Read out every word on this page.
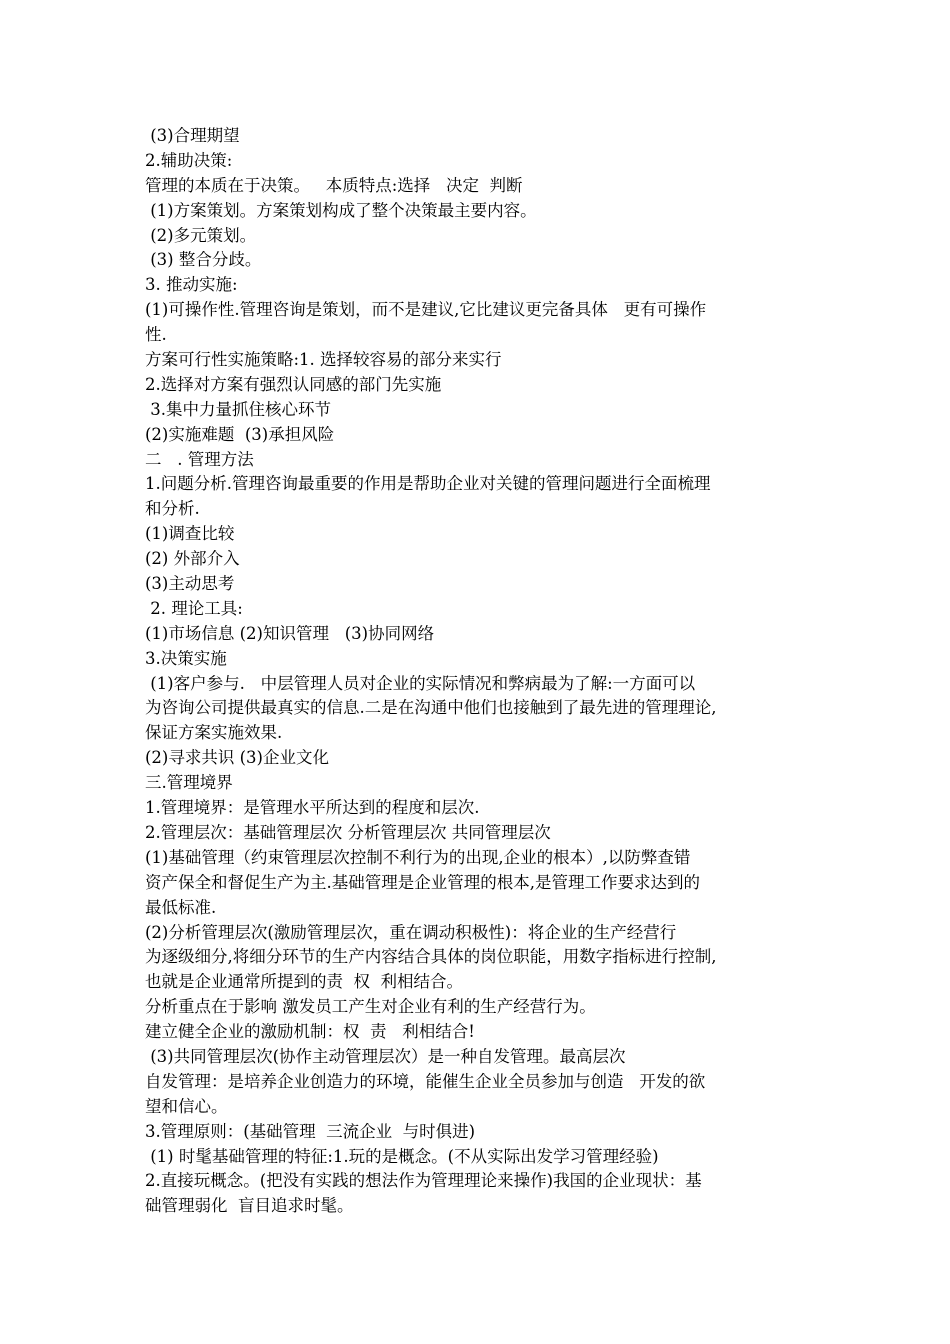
(3)合理期望
2.辅助决策:
管理的本质在于决策。   本质特点:选择   决定  判断
(1)方案策划。方案策划构成了整个决策最主要内容。
(2)多元策划。
(3) 整合分歧。
3. 推动实施:
(1)可操作性.管理咨询是策划，而不是建议,它比建议更完备具体   更有可操作
性.
方案可行性实施策略:1. 选择较容易的部分来实行
2.选择对方案有强烈认同感的部门先实施
3.集中力量抓住核心环节
(2)实施难题  (3)承担风险
二   . 管理方法
1.问题分析.管理咨询最重要的作用是帮助企业对关键的管理问题进行全面梳理
和分析.
(1)调查比较
(2) 外部介入
(3)主动思考
2. 理论工具:
(1)市场信息 (2)知识管理   (3)协同网络
3.决策实施
(1)客户参与.   中层管理人员对企业的实际情况和弊病最为了解:一方面可以
为咨询公司提供最真实的信息.二是在沟通中他们也接触到了最先进的管理理论,
保证方案实施效果.
(2)寻求共识 (3)企业文化
三.管理境界
1.管理境界：是管理水平所达到的程度和层次.
2.管理层次：基础管理层次 分析管理层次 共同管理层次
(1)基础管理（约束管理层次控制不利行为的出现,企业的根本）,以防弊查错
资产保全和督促生产为主.基础管理是企业管理的根本,是管理工作要求达到的
最低标准.
(2)分析管理层次(激励管理层次，重在调动积极性)：将企业的生产经营行
为逐级细分,将细分环节的生产内容结合具体的岗位职能，用数字指标进行控制,
也就是企业通常所提到的责  权  利相结合。
分析重点在于影响 激发员工产生对企业有利的生产经营行为。
建立健全企业的激励机制：权  责   利相结合!
(3)共同管理层次(协作主动管理层次）是一种自发管理。最高层次
自发管理：是培养企业创造力的环境，能催生企业全员参加与创造   开发的欲
望和信心。
3.管理原则：(基础管理  三流企业  与时俱进)
(1) 时髦基础管理的特征:1.玩的是概念。(不从实际出发学习管理经验)
2.直接玩概念。(把没有实践的想法作为管理理论来操作)我国的企业现状：基
础管理弱化  盲目追求时髦。
